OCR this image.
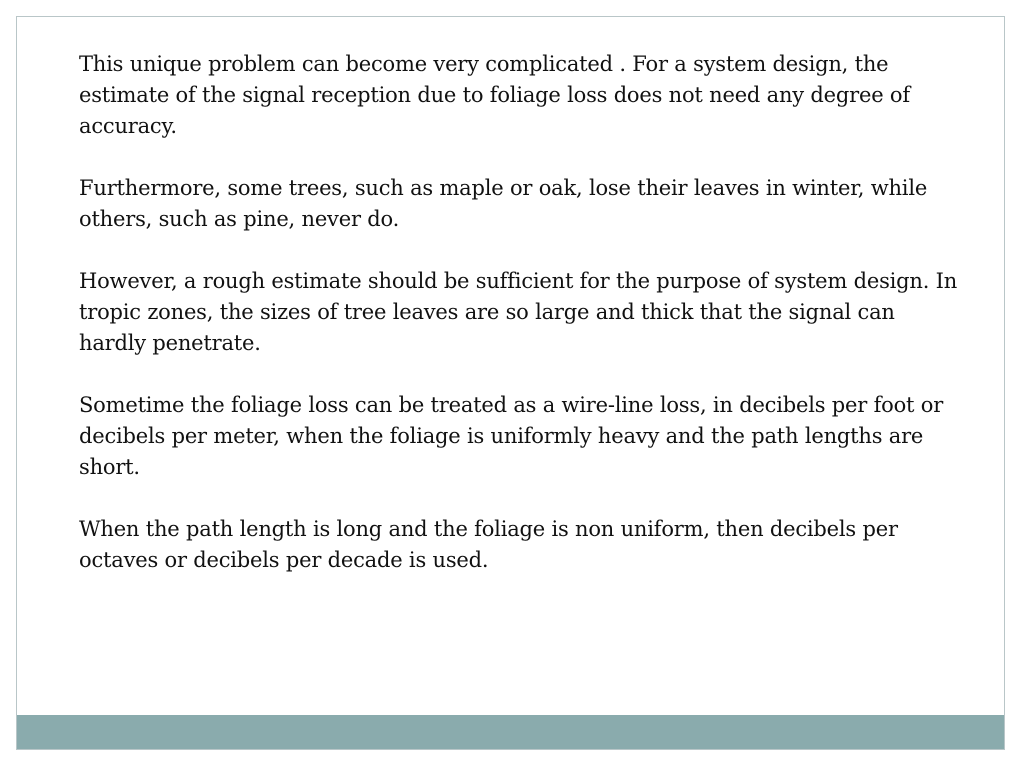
This unique problem can become very complicated . For a system design, the estimate of the signal reception due to foliage loss does not need any degree of accuracy.

Furthermore, some trees, such as maple or oak, lose their leaves in winter, while others, such as pine, never do.

However, a rough estimate should be sufficient for the purpose of system design. In tropic zones, the sizes of tree leaves are so large and thick that the signal can hardly penetrate.

Sometime the foliage loss can be treated as a wire-line loss, in decibels per foot or decibels per meter, when the foliage is uniformly heavy and the path lengths are short.

When the path length is long and the foliage is non uniform, then decibels per octaves or decibels per decade is used.
